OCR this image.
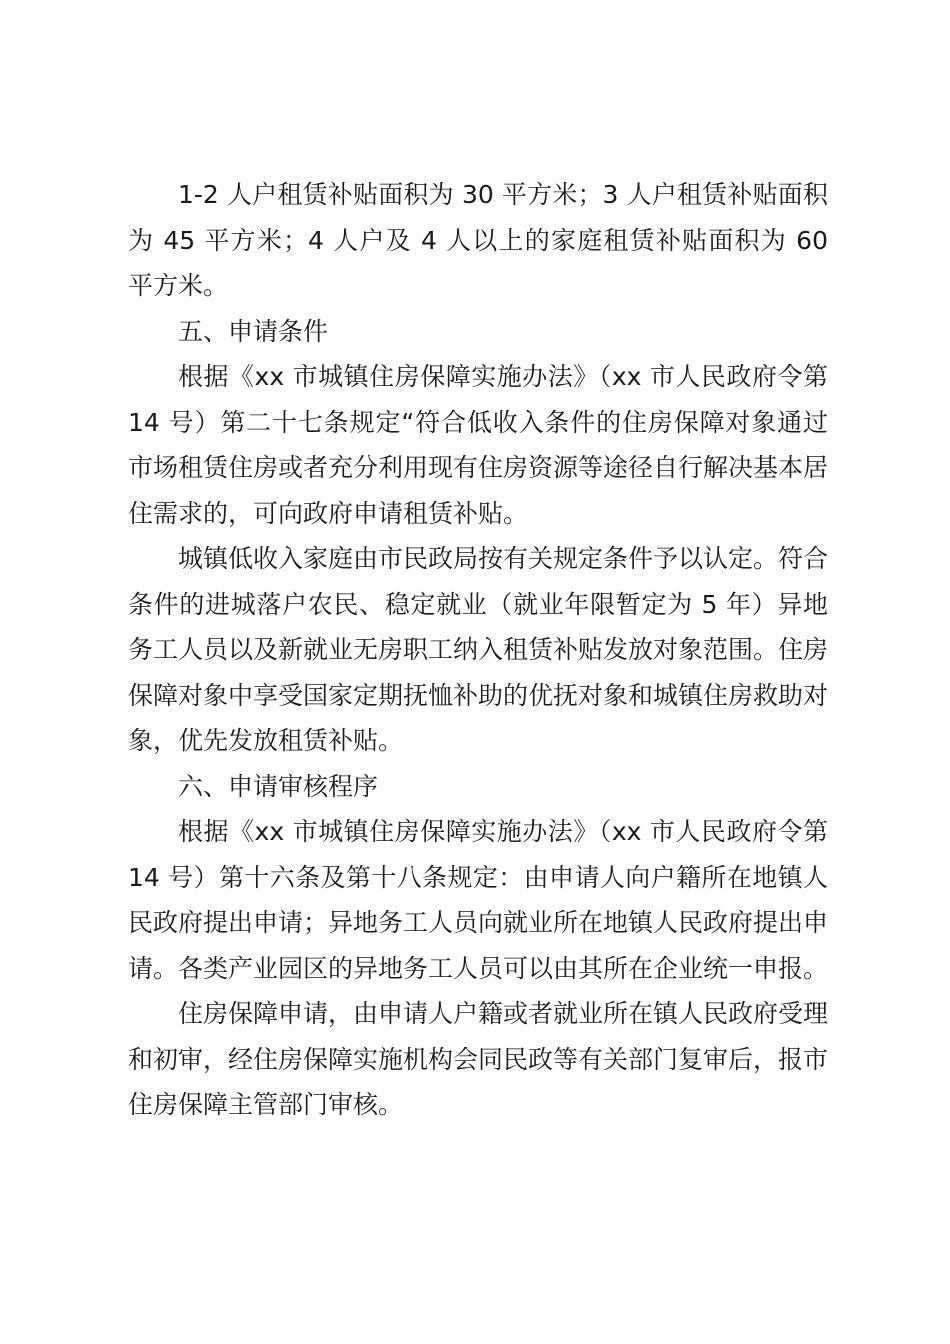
1-2 人户租赁补贴面积为 30 平方米；3 人户租赁补贴面积为 45 平方米；4 人户及 4 人以上的家庭租赁补贴面积为 60 平方米。

五、申请条件

根据《xx 市城镇住房保障实施办法》（xx 市人民政府令第 14 号）第二十七条规定“符合低收入条件的住房保障对象通过市场租赁住房或者充分利用现有住房资源等途径自行解决基本居住需求的，可向政府申请租赁补贴。

城镇低收入家庭由市民政局按有关规定条件予以认定。符合条件的进城落户农民、稳定就业（就业年限暂定为 5 年）异地务工人员以及新就业无房职工纳入租赁补贴发放对象范围。住房保障对象中享受国家定期抚恤补助的优抚对象和城镇住房救助对象，优先发放租赁补贴。

六、申请审核程序

根据《xx 市城镇住房保障实施办法》（xx 市人民政府令第 14 号）第十六条及第十八条规定：由申请人向户籍所在地镇人民政府提出申请；异地务工人员向就业所在地镇人民政府提出申请。各类产业园区的异地务工人员可以由其所在企业统一申报。

住房保障申请，由申请人户籍或者就业所在镇人民政府受理和初审，经住房保障实施机构会同民政等有关部门复审后，报市住房保障主管部门审核。
